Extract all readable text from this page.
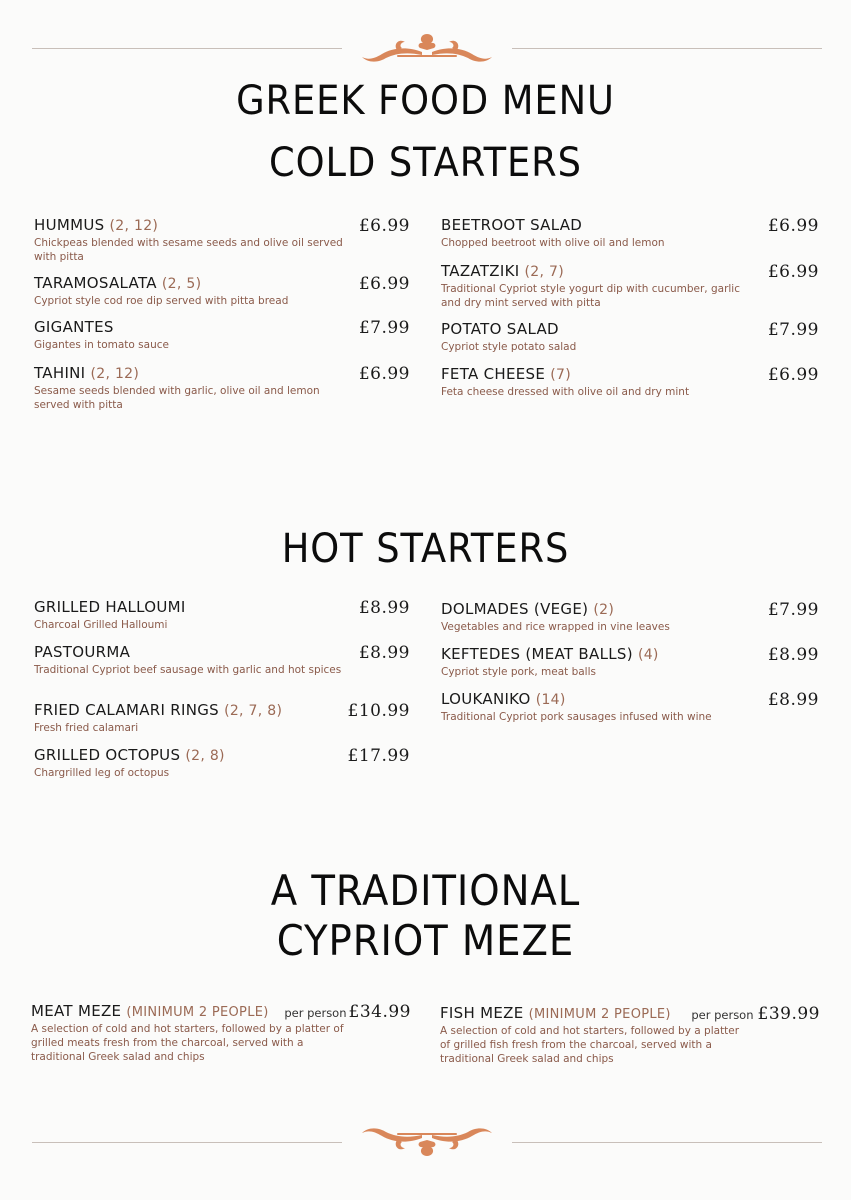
GREEK FOOD MENU
COLD STARTERS
HUMMUS (2, 12)
Chickpeas blended with sesame seeds and olive oil served with pitta
£6.99
TARAMOSALATA (2, 5)
Cypriot style cod roe dip served with pitta bread
£6.99
GIGANTES
Gigantes in tomato sauce
£7.99
TAHINI (2, 12)
Sesame seeds blended with garlic, olive oil and lemon served with pitta
£6.99
BEETROOT SALAD
Chopped beetroot with olive oil and lemon
£6.99
TAZATZIKI (2, 7)
Traditional Cypriot style yogurt dip with cucumber, garlic and dry mint served with pitta
£6.99
POTATO SALAD
Cypriot style potato salad
£7.99
FETA CHEESE (7)
Feta cheese dressed with olive oil and dry mint
£6.99
HOT STARTERS
GRILLED HALLOUMI
Charcoal Grilled Halloumi
£8.99
PASTOURMA
Traditional Cypriot beef sausage with garlic and hot spices
£8.99
FRIED CALAMARI RINGS (2, 7, 8)
Fresh fried calamari
£10.99
GRILLED OCTOPUS (2, 8)
Chargrilled leg of octopus
£17.99
DOLMADES (VEGE) (2)
Vegetables and rice wrapped in vine leaves
£7.99
KEFTEDES (MEAT BALLS) (4)
Cypriot style pork, meat balls
£8.99
LOUKANIKO (14)
Traditional Cypriot pork sausages infused with wine
£8.99
A TRADITIONAL
CYPRIOT MEZE
MEAT MEZE (MINIMUM 2 PEOPLE)
A selection of cold and hot starters, followed by a platter of grilled meats fresh from the charcoal, served with a traditional Greek salad and chips
per person £34.99 FISH MEZE (MINIMUM 2 PEOPLE)
A selection of cold and hot starters, followed by a platter of grilled fish fresh from the charcoal, served with a traditional Greek salad and chips
per person £39.99
